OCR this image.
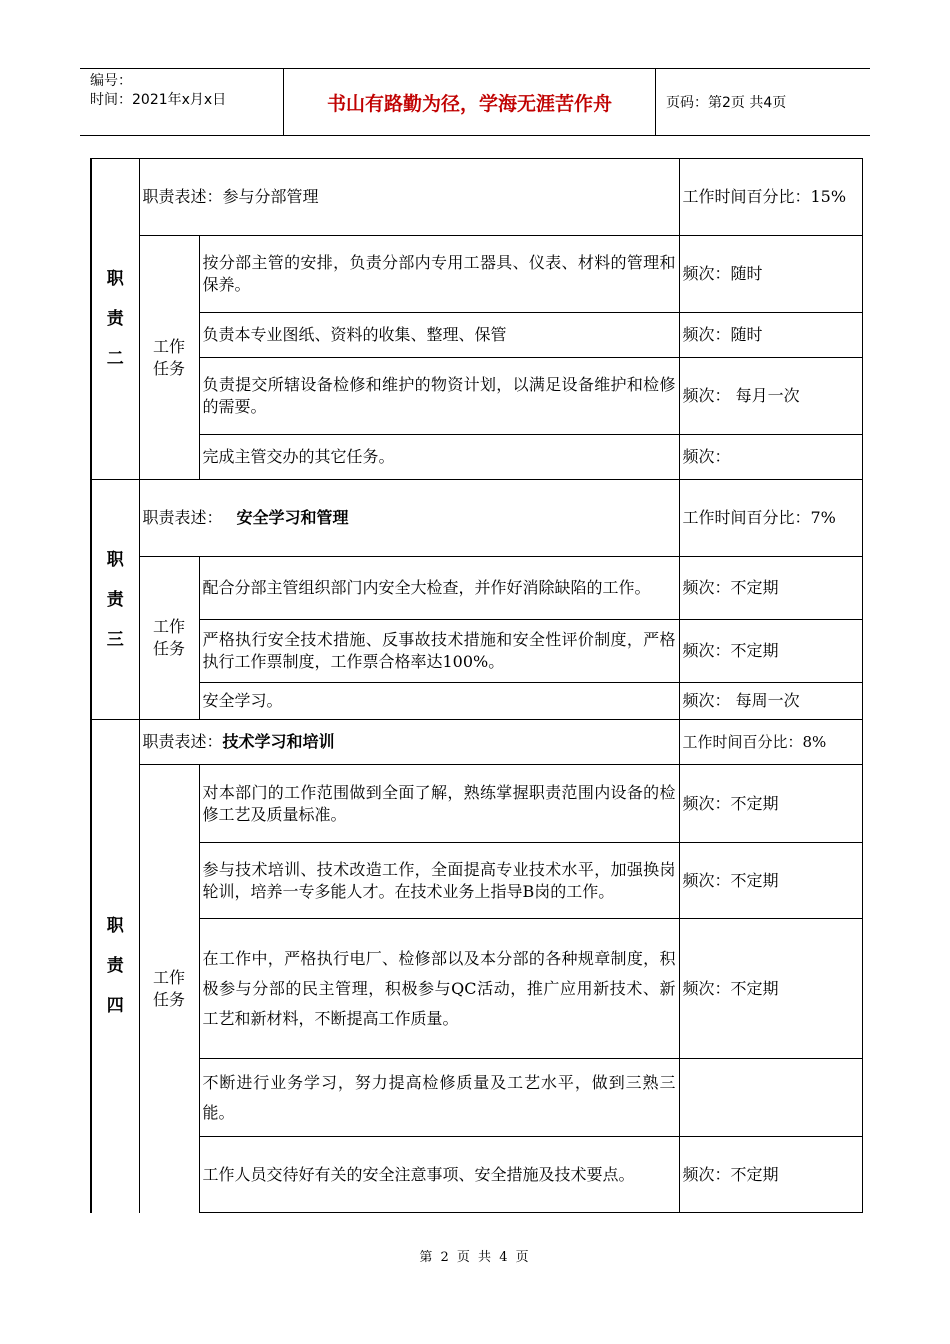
编号：
时间：2021年x月x日	书山有路勤为径，学海无涯苦作舟	页码：第2页 共4页
职
责
二	职责表述：参与分部管理		工作时间百分比：15%

	工作
任务	按分部主管的安排，负责分部内专用工器具、仪表、材料的管理和保养。	频次：随时
		负责本专业图纸、资料的收集、整理、保管	频次：随时
		负责提交所辖设备检修和维护的物资计划，以满足设备维护和检修的需要。	频次： 每月一次
		完成主管交办的其它任务。	频次：

职
责
三	职责表述： 安全学习和管理		工作时间百分比：7%

	工作
任务	配合分部主管组织部门内安全大检查，并作好消除缺陷的工作。	频次：不定期
		严格执行安全技术措施、反事故技术措施和安全性评价制度，严格执行工作票制度，工作票合格率达100%。	频次：不定期
		安全学习。	频次： 每周一次

职
责
四	职责表述：技术学习和培训		工作时间百分比：8%

	工作
任务	对本部门的工作范围做到全面了解，熟练掌握职责范围内设备的检修工艺及质量标准。	频次：不定期
		参与技术培训、技术改造工作，全面提高专业技术水平，加强换岗轮训，培养一专多能人才。在技术业务上指导B岗的工作。	频次：不定期
		在工作中，严格执行电厂、检修部以及本分部的各种规章制度，积极参与分部的民主管理，积极参与QC活动，推广应用新技术、新工艺和新材料，不断提高工作质量。	频次：不定期
		不断进行业务学习，努力提高检修质量及工艺水平，做到三熟三能。	
		工作人员交待好有关的安全注意事项、安全措施及技术要点。	频次：不定期
第 2 页 共 4 页
